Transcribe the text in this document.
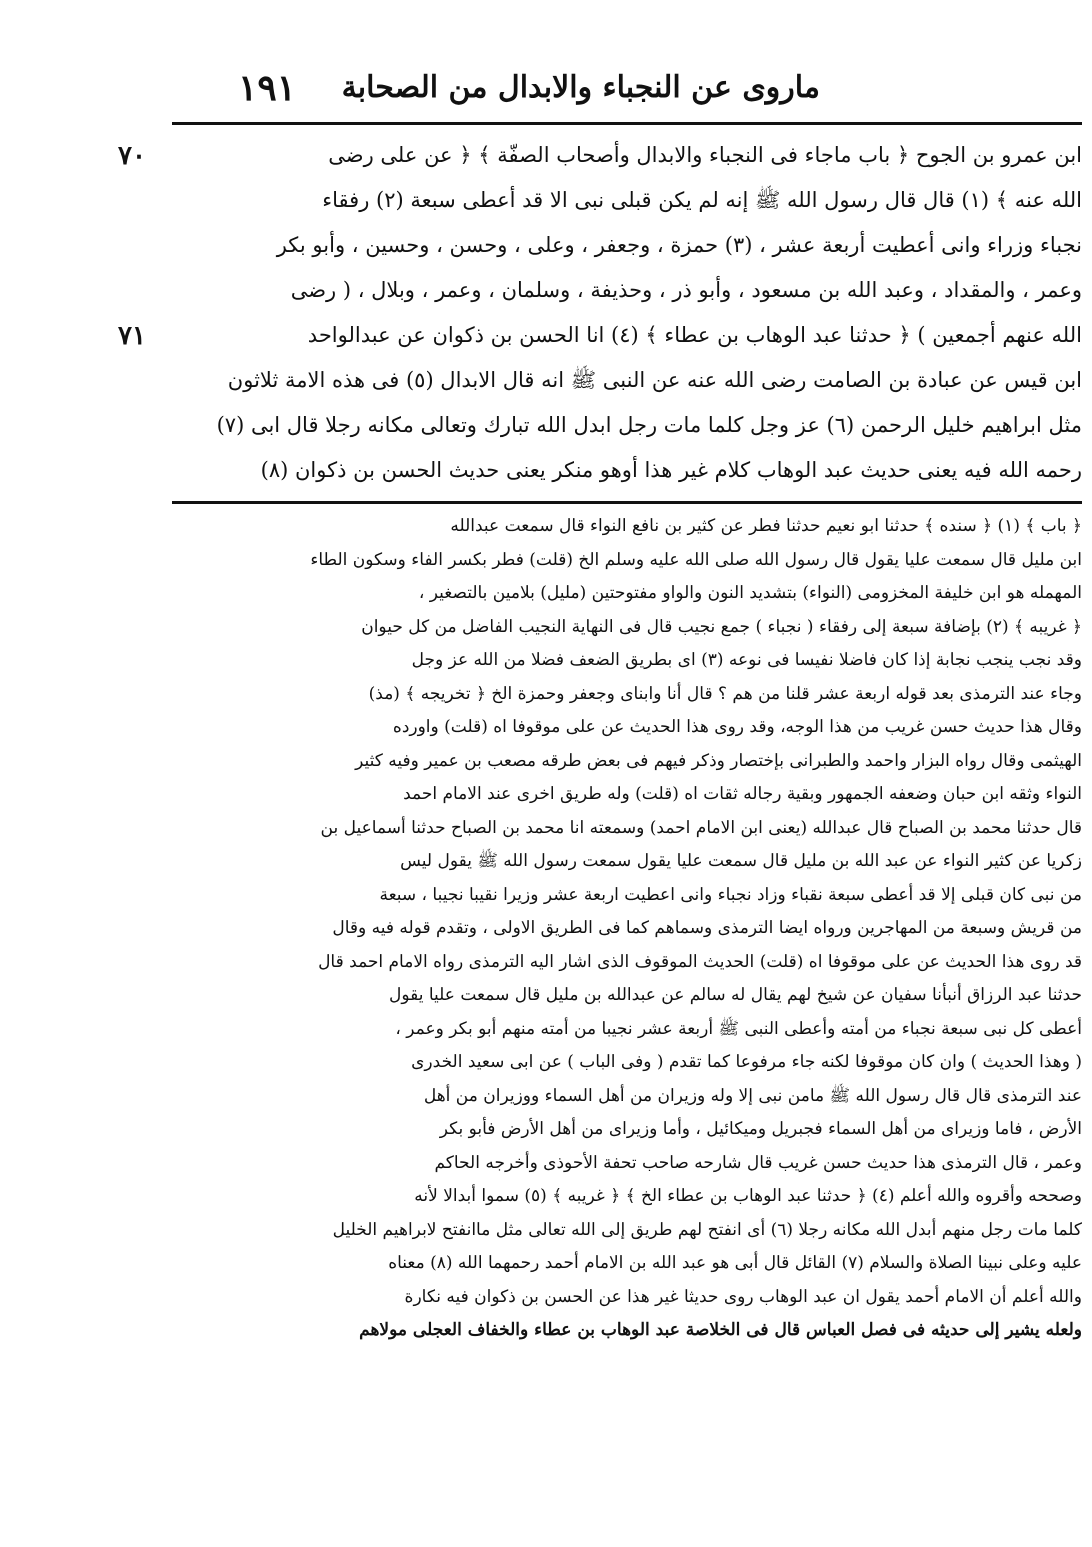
١٩١ ماروى عن النجباء والابدال من الصحابة
٧٠
٧١
ابن عمرو بن الجوح ﴿ باب ماجاء فى النجباء والابدال وأصحاب الصفّة ﴾ ﴿ عن على رضى
الله عنه ﴾ (١) قال قال رسول الله ﷺ إنه لم يكن قبلى نبى الا قد أعطى سبعة (٢) رفقاء
نجباء وزراء وانى أعطيت أربعة عشر ، (٣) حمزة ، وجعفر ، وعلى ، وحسن ، وحسين ، وأبو بكر
وعمر ، والمقداد ، وعبد الله بن مسعود ، وأبو ذر ، وحذيفة ، وسلمان ، وعمر ، وبلال ، ( رضى
الله عنهم أجمعين ) ﴿ حدثنا عبد الوهاب بن عطاء ﴾ (٤) انا الحسن بن ذكوان عن عبدالواحد
ابن قيس عن عبادة بن الصامت رضى الله عنه عن النبى ﷺ انه قال الابدال (٥) فى هذه الامة ثلاثون
مثل ابراهيم خليل الرحمن (٦) عز وجل كلما مات رجل ابدل الله تبارك وتعالى مكانه رجلا قال ابى (٧)
رحمه الله فيه يعنى حديث عبد الوهاب كلام غير هذا أوهو منكر يعنى حديث الحسن بن ذكوان (٨)
﴿ باب ﴾ (١) ﴿ سنده ﴾ حدثنا ابو نعيم حدثنا فطر عن كثير بن نافع النواء قال سمعت عبدالله
ابن مليل قال سمعت عليا يقول قال رسول الله صلى الله عليه وسلم الخ (قلت) فطر بكسر الفاء وسكون الطاء
المهمله هو ابن خليفة المخزومى (النواء) بتشديد النون والواو مفتوحتين (مليل) بلامين بالتصغير ،
﴿ غريبه ﴾ (٢) بإضافة سبعة إلى رفقاء ( نجباء ) جمع نجيب قال فى النهاية النجيب الفاضل من كل حيوان
وقد نجب ينجب نجابة إذا كان فاضلا نفيسا فى نوعه (٣) اى بطريق الضعف فضلا من الله عز وجل
وجاء عند الترمذى بعد قوله اربعة عشر قلنا من هم ؟ قال أنا وابناى وجعفر وحمزة الخ ﴿ تخريجه ﴾ (مذ)
وقال هذا حديث حسن غريب من هذا الوجه، وقد روى هذا الحديث عن على موقوفا اه (قلت) واورده
الهيثمى وقال رواه البزار واحمد والطبرانى بإختصار وذكر فيهم فى بعض طرقه مصعب بن عمير وفيه كثير
النواء وثقه ابن حبان وضعفه الجمهور وبقية رجاله ثقات اه (قلت) وله طريق اخرى عند الامام احمد
قال حدثنا محمد بن الصباح قال عبدالله (يعنى ابن الامام احمد) وسمعته انا محمد بن الصباح حدثنا أسماعيل بن
زكريا عن كثير النواء عن عبد الله بن مليل قال سمعت عليا يقول سمعت رسول الله ﷺ يقول ليس
من نبى كان قبلى إلا قد أعطى سبعة نقباء وزاد نجباء وانى اعطيت اربعة عشر وزيرا نقيبا نجيبا ، سبعة
من قريش وسبعة من المهاجرين ورواه ايضا الترمذى وسماهم كما فى الطريق الاولى ، وتقدم قوله فيه وقال
قد روى هذا الحديث عن على موقوفا اه (قلت) الحديث الموقوف الذى اشار اليه الترمذى رواه الامام احمد قال
حدثنا عبد الرزاق أنبأنا سفيان عن شيخ لهم يقال له سالم عن عبدالله بن مليل قال سمعت عليا يقول
أعطى كل نبى سبعة نجباء من أمته وأعطى النبى ﷺ أربعة عشر نجيبا من أمته منهم أبو بكر وعمر ،
( وهذا الحديث ) وان كان موقوفا لكنه جاء مرفوعا كما تقدم ( وفى الباب ) عن ابى سعيد الخدرى
عند الترمذى قال قال رسول الله ﷺ مامن نبى إلا وله وزيران من أهل السماء ووزيران من أهل
الأرض ، فاما وزيراى من أهل السماء فجبريل وميكائيل ، وأما وزيراى من أهل الأرض فأبو بكر
وعمر ، قال الترمذى هذا حديث حسن غريب قال شارحه صاحب تحفة الأحوذى وأخرجه الحاكم
وصححه وأقروه والله أعلم (٤) ﴿ حدثنا عبد الوهاب بن عطاء الخ ﴾ ﴿ غريبه ﴾ (٥) سموا أبدالا لأنه
كلما مات رجل منهم أبدل الله مكانه رجلا (٦) أى انفتح لهم طريق إلى الله تعالى مثل ماانفتح لابراهيم الخليل
عليه وعلى نبينا الصلاة والسلام (٧) القائل قال أبى هو عبد الله بن الامام أحمد رحمهما الله (٨) معناه
والله أعلم أن الامام أحمد يقول ان عبد الوهاب روى حديثا غير هذا عن الحسن بن ذكوان فيه نكارة
ولعله يشير إلى حديثه فى فصل العباس قال فى الخلاصة عبد الوهاب بن عطاء والخفاف العجلى مولاهم
